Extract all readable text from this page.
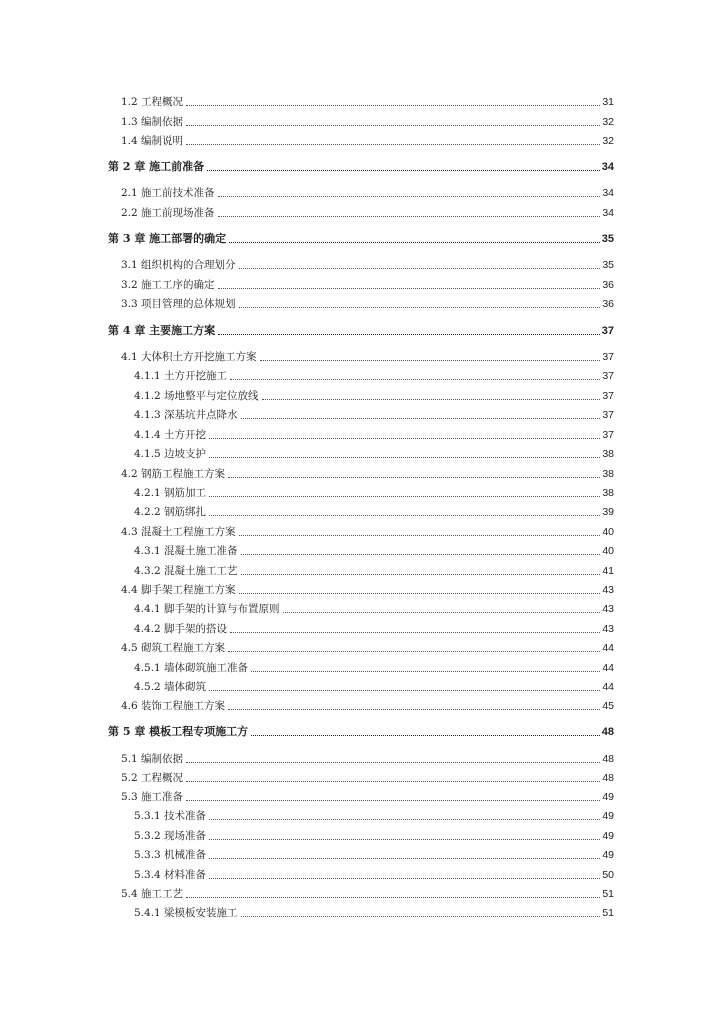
1.2 工程概况	31
1.3 编制依据	32
1.4 编制说明	32
第 2 章 施工前准备	34
2.1 施工前技术准备	34
2.2 施工前现场准备	34
第 3 章 施工部署的确定	35
3.1 组织机构的合理划分	35
3.2 施工工序的确定	36
3.3 项目管理的总体规划	36
第 4 章 主要施工方案	37
4.1 大体积土方开挖施工方案	37
4.1.1 土方开挖施工	37
4.1.2 场地整平与定位放线	37
4.1.3 深基坑井点降水	37
4.1.4 土方开挖	37
4.1.5 边坡支护	38
4.2 钢筋工程施工方案	38
4.2.1 钢筋加工	38
4.2.2 钢筋绑扎	39
4.3 混凝土工程施工方案	40
4.3.1 混凝土施工准备	40
4.3.2 混凝土施工工艺	41
4.4 脚手架工程施工方案	43
4.4.1 脚手架的计算与布置原则	43
4.4.2 脚手架的搭设	43
4.5 砌筑工程施工方案	44
4.5.1 墙体砌筑施工准备	44
4.5.2 墙体砌筑	44
4.6 装饰工程施工方案	45
第 5 章 模板工程专项施工方	48
5.1 编制依据	48
5.2 工程概况	48
5.3 施工准备	49
5.3.1 技术准备	49
5.3.2 现场准备	49
5.3.3 机械准备	49
5.3.4 材料准备	50
5.4 施工工艺	51
5.4.1 梁模板安装施工	51
